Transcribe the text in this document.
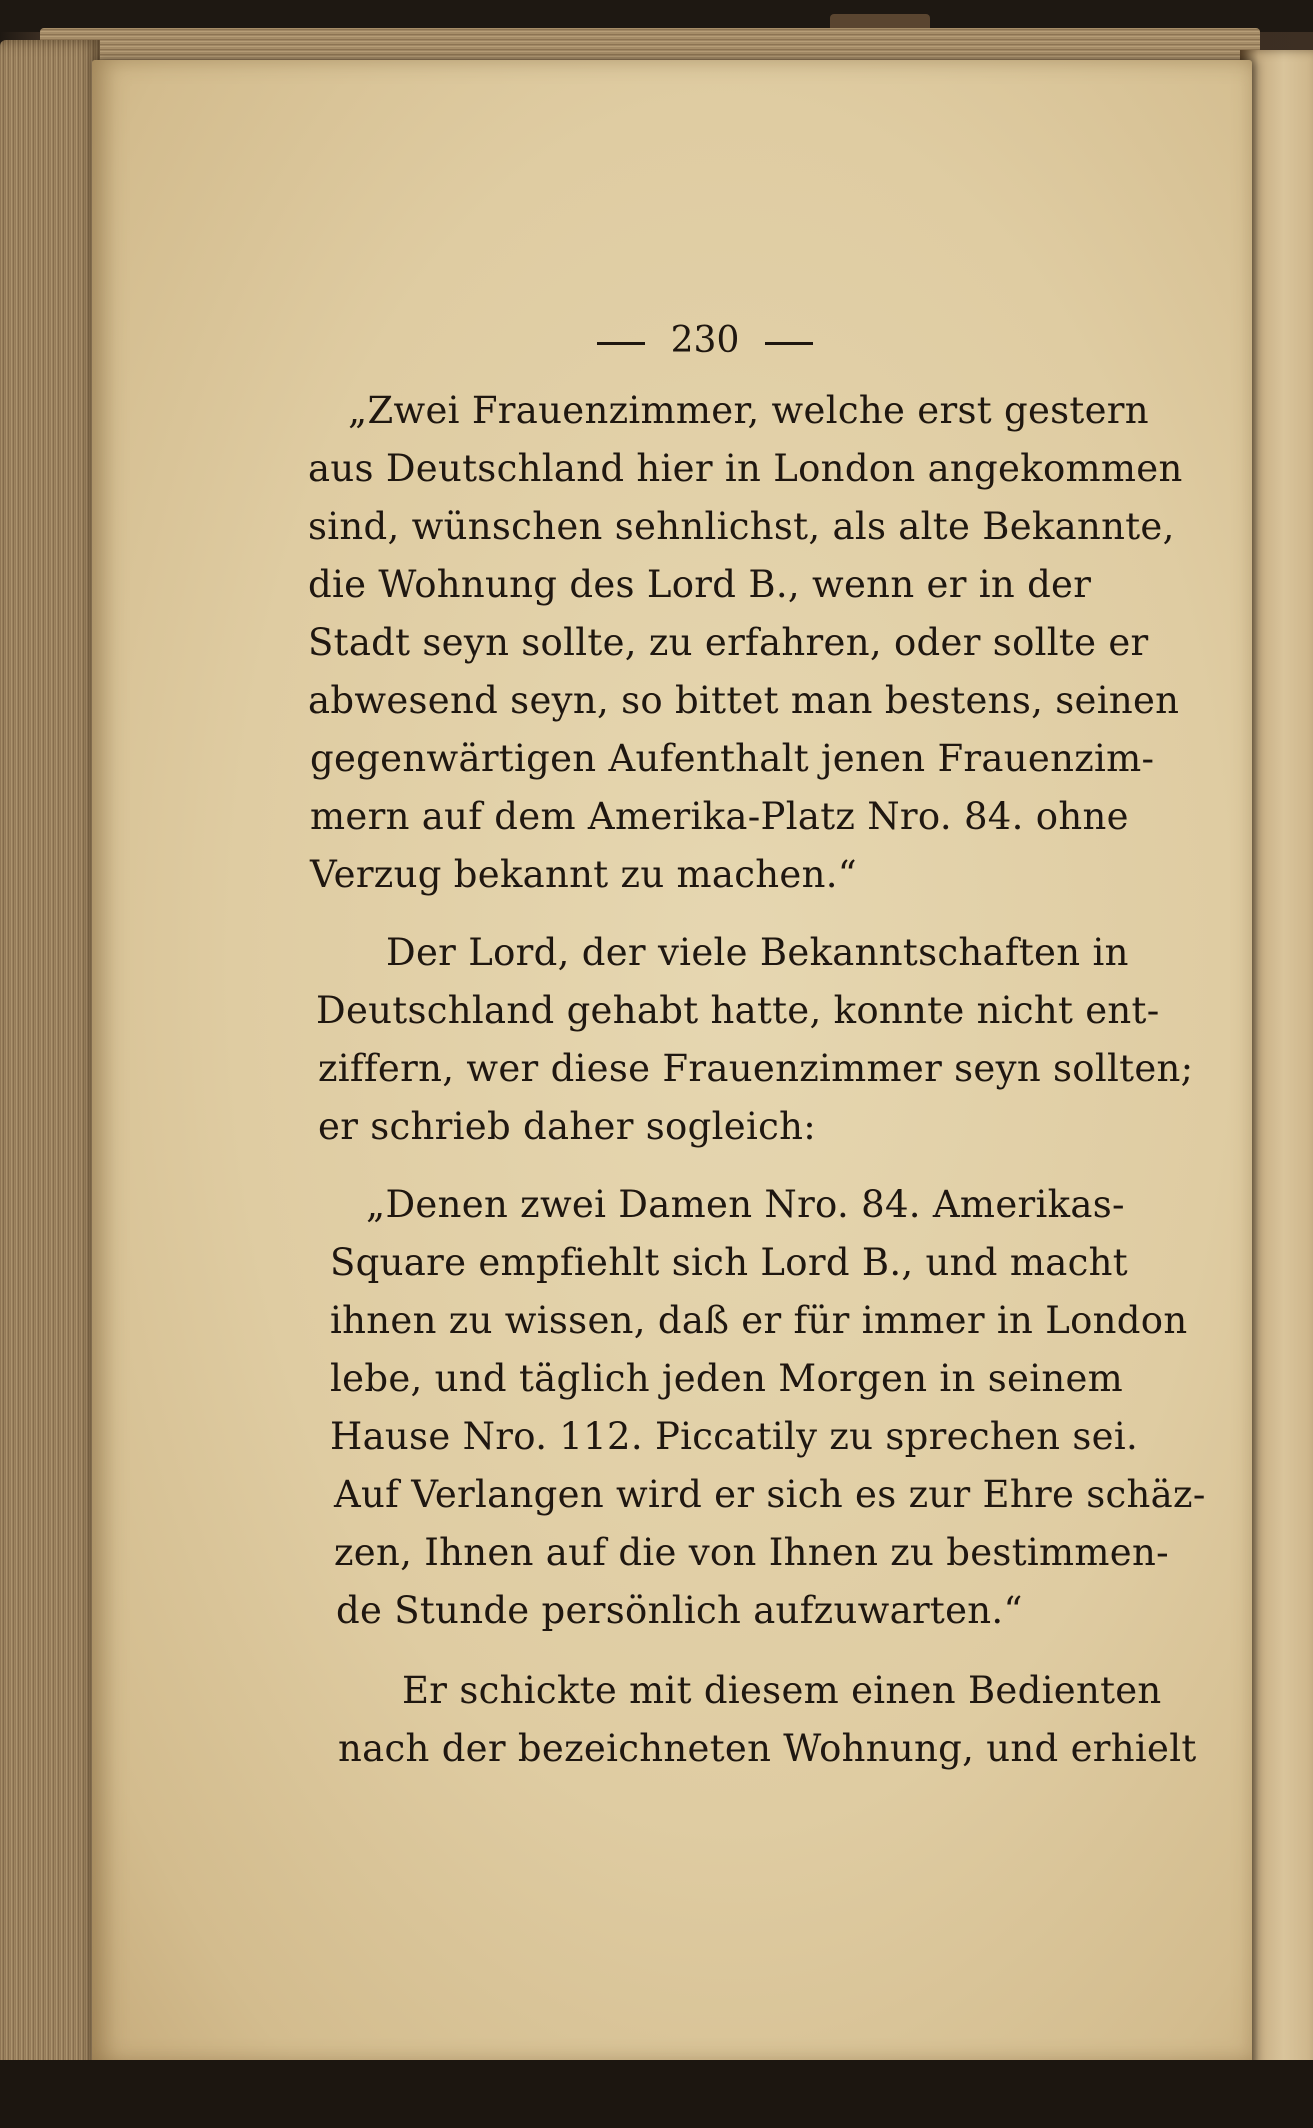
230
„Zwei Frauenzimmer, welche erst gestern
aus Deutschland hier in London angekommen
sind, wünschen sehnlichst, als alte Bekannte,
die Wohnung des Lord B., wenn er in der
Stadt seyn sollte, zu erfahren, oder sollte er
abwesend seyn, so bittet man bestens, seinen
gegenwärtigen Aufenthalt jenen Frauenzim-
mern auf dem Amerika-Platz Nro. 84. ohne
Verzug bekannt zu machen.“
Der Lord, der viele Bekanntschaften in
Deutschland gehabt hatte, konnte nicht ent-
ziffern, wer diese Frauenzimmer seyn sollten;
er schrieb daher sogleich:
„Denen zwei Damen Nro. 84. Amerikas-
Square empfiehlt sich Lord B., und macht
ihnen zu wissen, daß er für immer in London
lebe, und täglich jeden Morgen in seinem
Hause Nro. 112. Piccatily zu sprechen sei.
Auf Verlangen wird er sich es zur Ehre schäz-
zen, Ihnen auf die von Ihnen zu bestimmen-
de Stunde persönlich aufzuwarten.“
Er schickte mit diesem einen Bedienten
nach der bezeichneten Wohnung, und erhielt
